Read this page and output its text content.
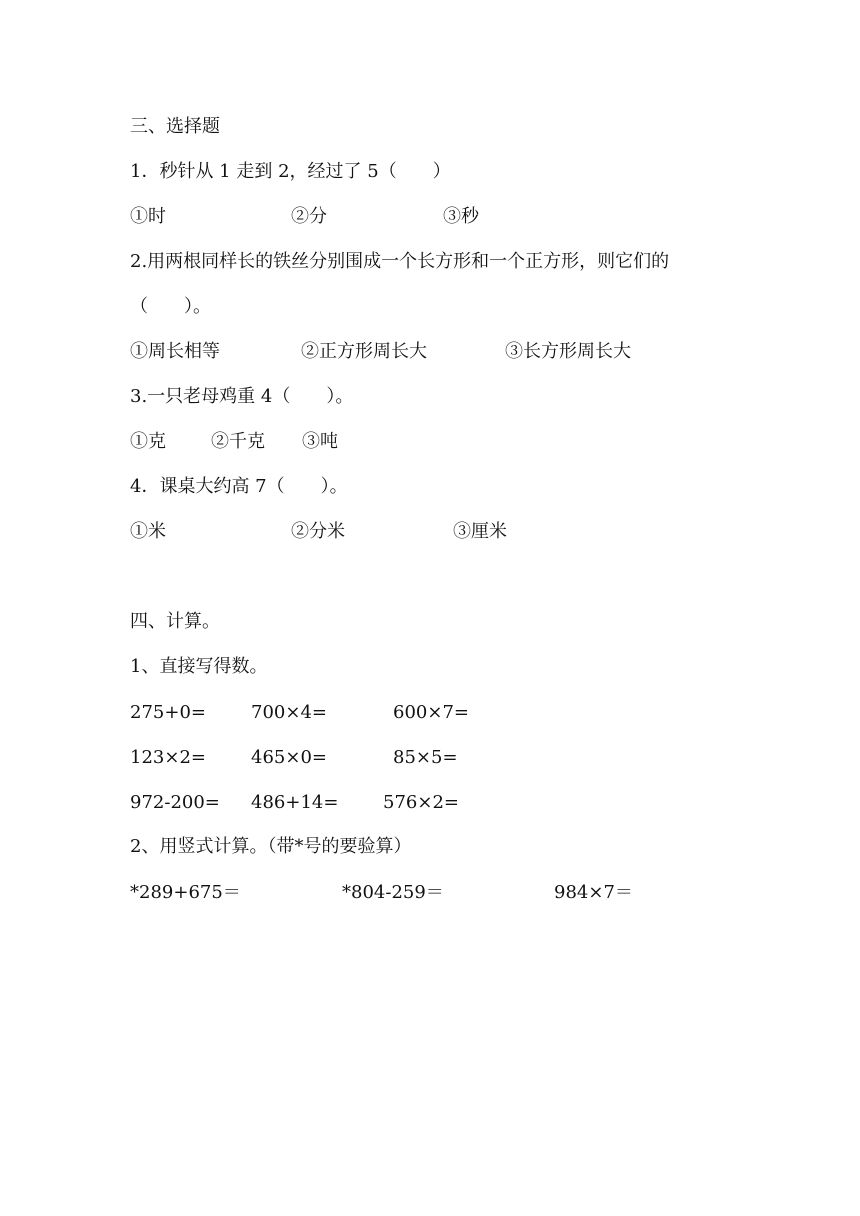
三、选择题
1．秒针从 1 走到 2，经过了 5（　　）
①时	②分	③秒
2.用两根同样长的铁丝分别围成一个长方形和一个正方形，则它们的
（　　）。
①周长相等	②正方形周长大	③长方形周长大
3.一只老母鸡重 4（　　）。
①克	②千克 ③吨
4．课桌大约高 7（　　）。
①米	②分米	③厘米
四、计算。
1、直接写得数。
275+0=	700×4=	600×7=
123×2=	465×0=	85×5=
972-200= 486+14= 576×2=
2、用竖式计算。（带*号的要验算）
*289+675＝	*804-259＝	984×7＝
